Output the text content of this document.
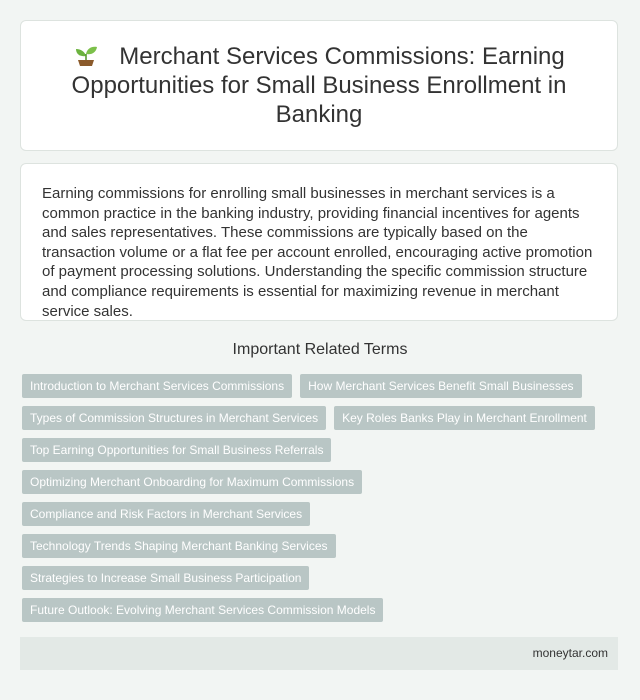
Merchant Services Commissions: Earning Opportunities for Small Business Enrollment in Banking

Earning commissions for enrolling small businesses in merchant services is a common practice in the banking industry, providing financial incentives for agents and sales representatives. These commissions are typically based on the transaction volume or a flat fee per account enrolled, encouraging active promotion of payment processing solutions. Understanding the specific commission structure and compliance requirements is essential for maximizing revenue in merchant service sales.

Important Related Terms
Introduction to Merchant Services Commissions	How Merchant Services Benefit Small Businesses
Types of Commission Structures in Merchant Services	Key Roles Banks Play in Merchant Enrollment
Top Earning Opportunities for Small Business Referrals
Optimizing Merchant Onboarding for Maximum Commissions
Compliance and Risk Factors in Merchant Services
Technology Trends Shaping Merchant Banking Services
Strategies to Increase Small Business Participation
Future Outlook: Evolving Merchant Services Commission Models
moneytar.com
